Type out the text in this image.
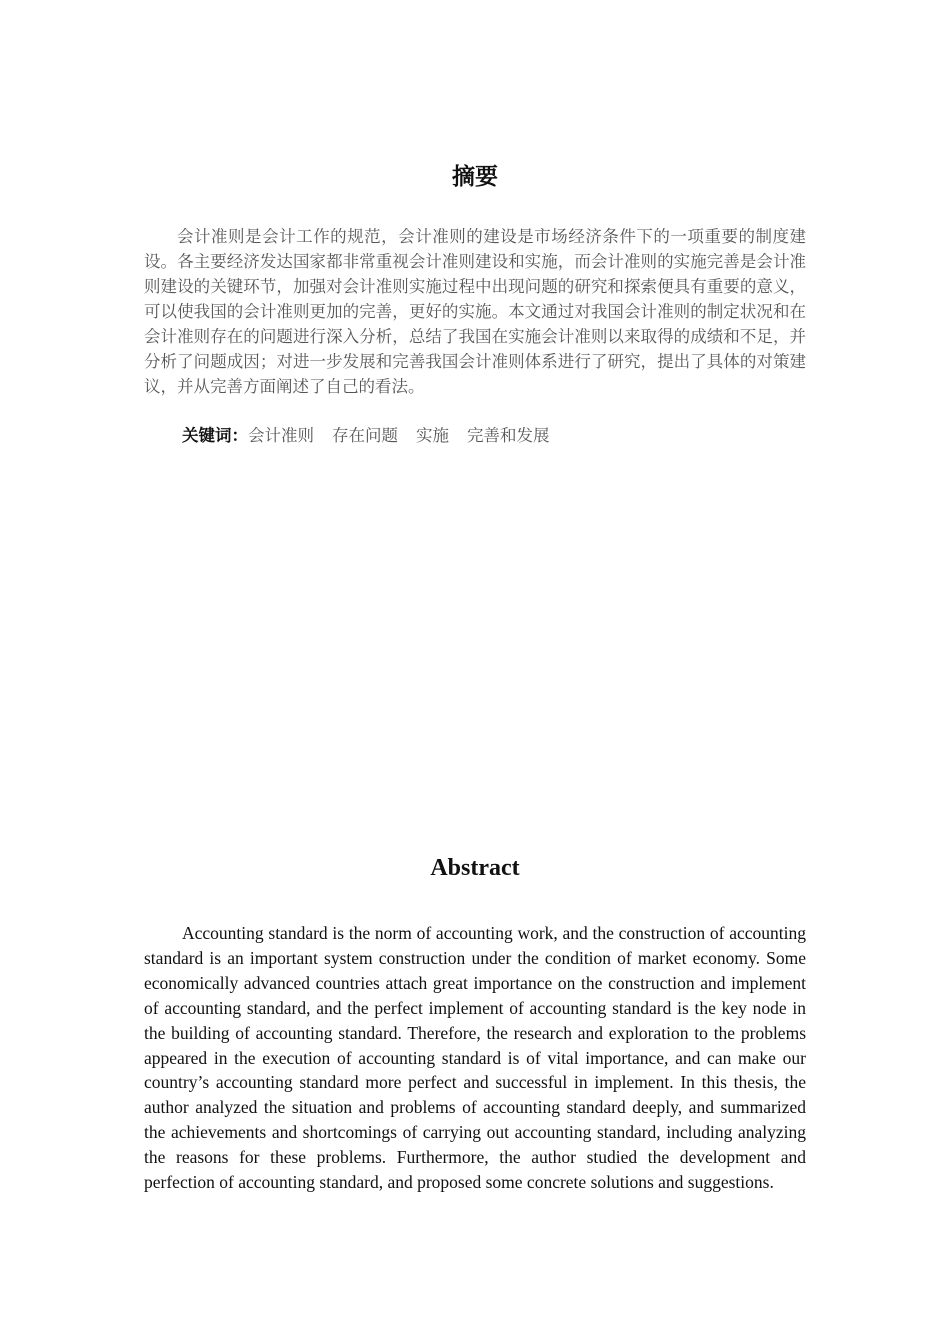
摘要

会计准则是会计工作的规范，会计准则的建设是市场经济条件下的一项重要的制度建设。各主要经济发达国家都非常重视会计准则建设和实施，而会计准则的实施完善是会计准则建设的关键环节，加强对会计准则实施过程中出现问题的研究和探索便具有重要的意义，可以使我国的会计准则更加的完善，更好的实施。本文通过对我国会计准则的制定状况和在会计准则存在的问题进行深入分析，总结了我国在实施会计准则以来取得的成绩和不足，并分析了问题成因；对进一步发展和完善我国会计准则体系进行了研究，提出了具体的对策建议，并从完善方面阐述了自己的看法。

关键词：会计准则 存在问题 实施 完善和发展

Abstract

Accounting standard is the norm of accounting work, and the construction of accounting standard is an important system construction under the condition of market economy. Some economically advanced countries attach great importance on the construction and implement of accounting standard, and the perfect implement of accounting standard is the key node in the building of accounting standard. Therefore, the research and exploration to the problems appeared in the execution of accounting standard is of vital importance, and can make our country’s accounting standard more perfect and successful in implement. In this thesis, the author analyzed the situation and problems of accounting standard deeply, and summarized the achievements and shortcomings of carrying out accounting standard, including analyzing the reasons for these problems. Furthermore, the author studied the development and perfection of accounting standard, and proposed some concrete solutions and suggestions.
